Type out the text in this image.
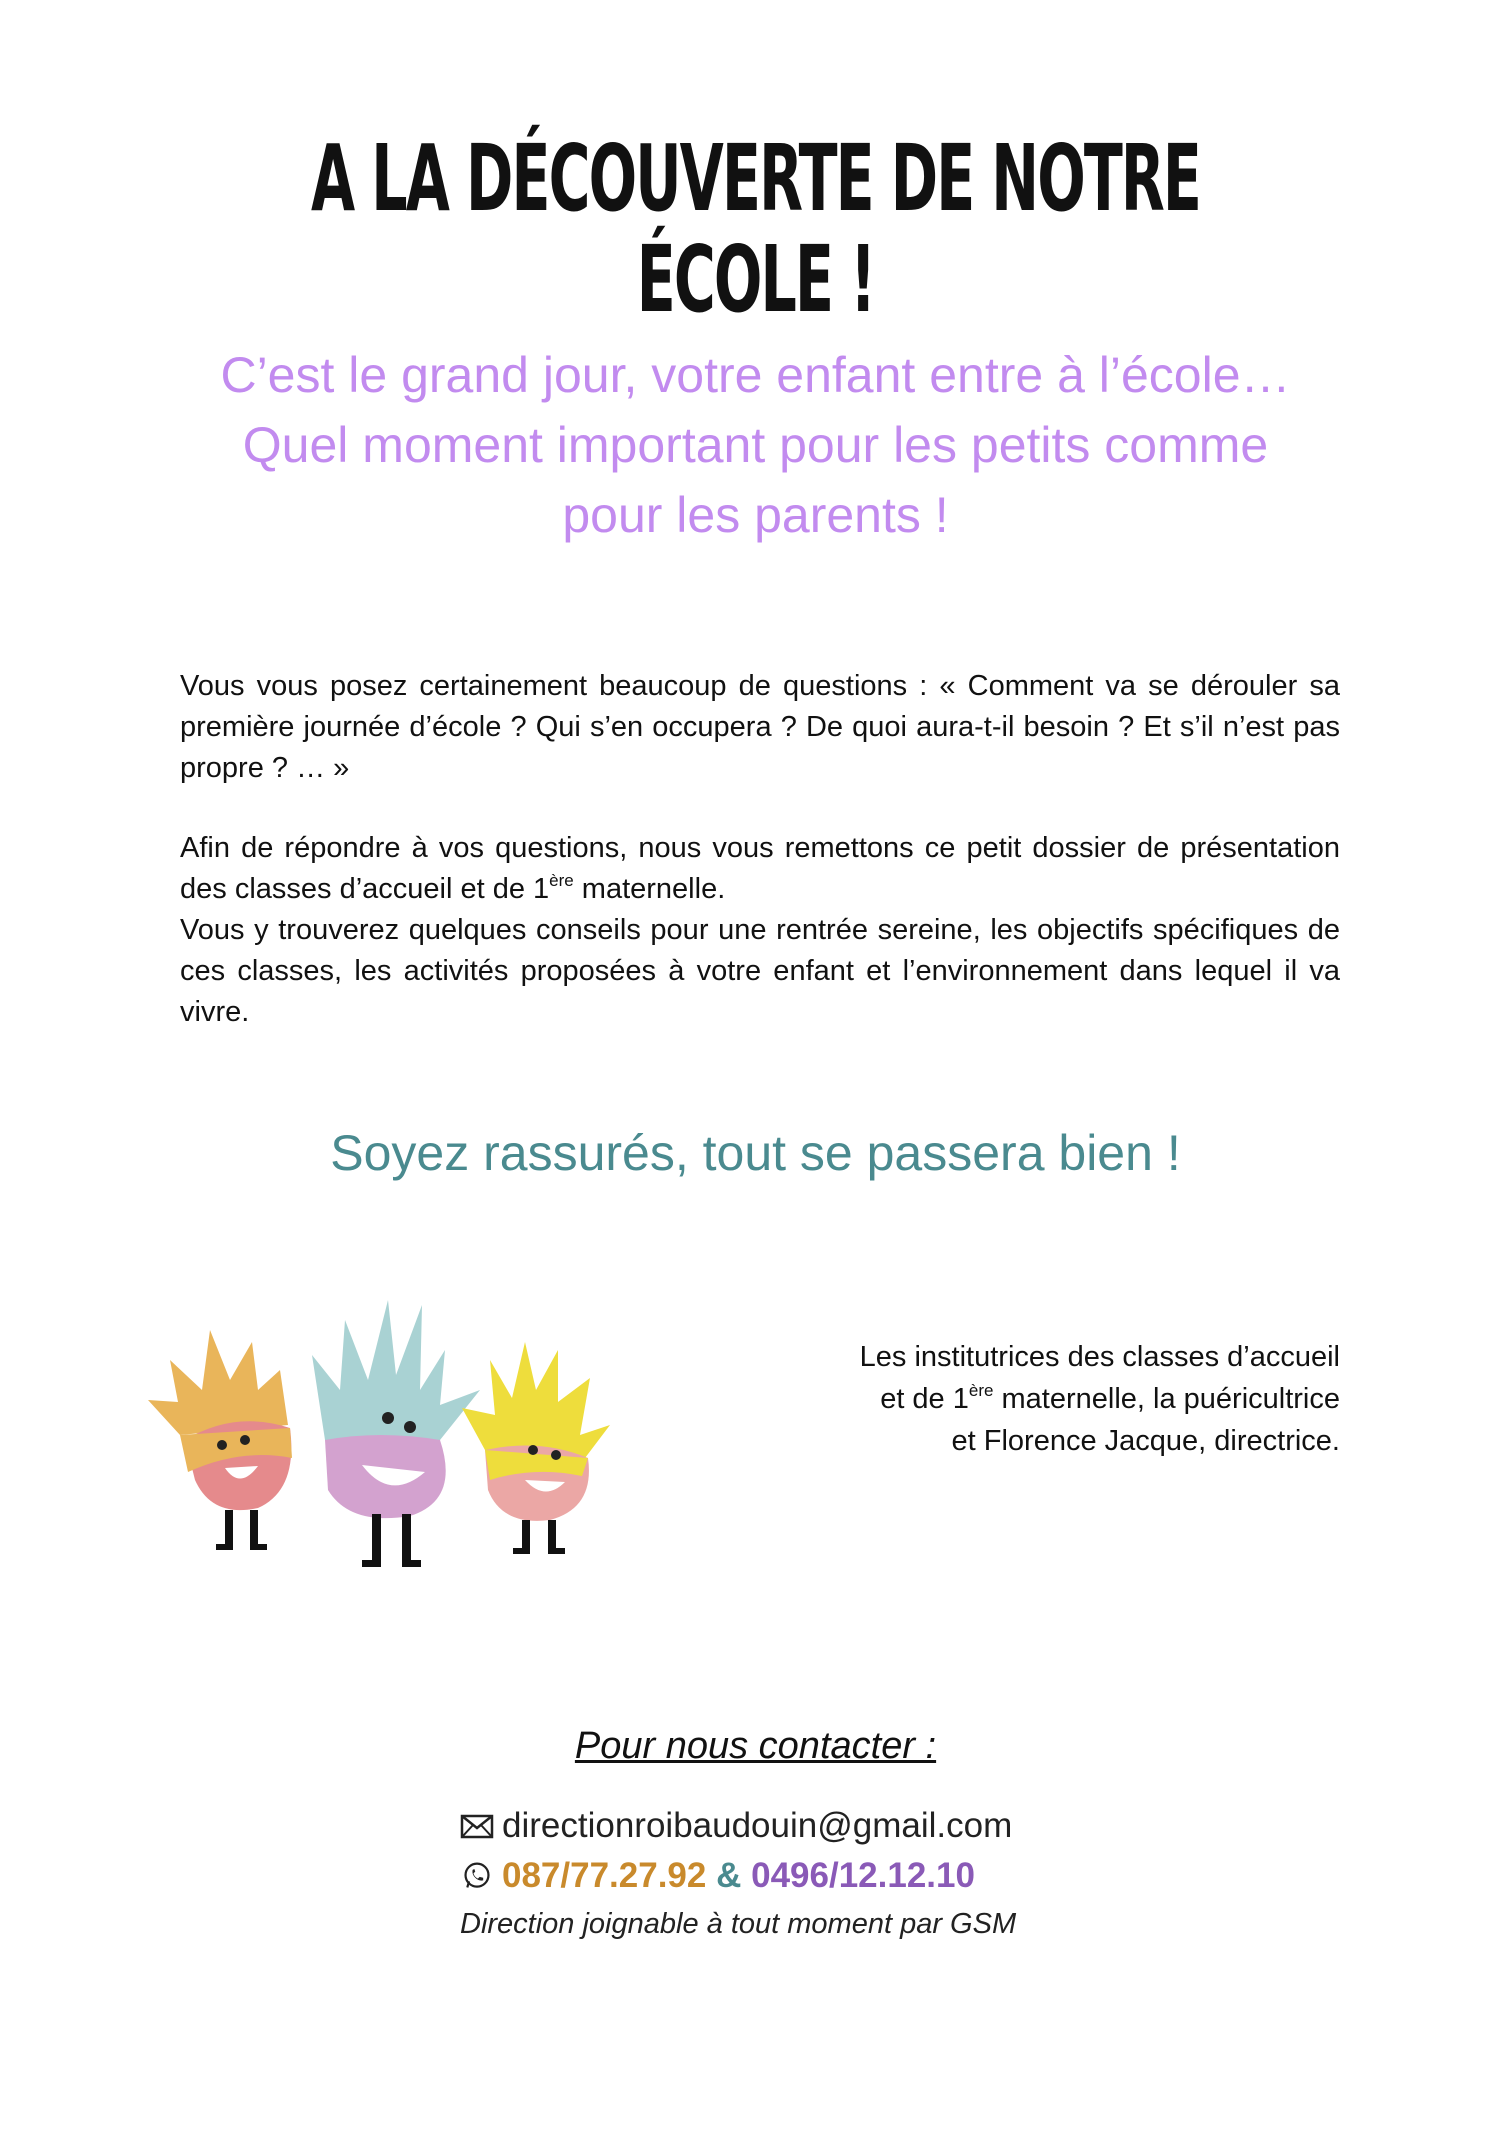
A LA DÉCOUVERTE DE NOTRE ÉCOLE !

C’est le grand jour, votre enfant entre à l’école…
Quel moment important pour les petits comme
pour les parents !

Vous vous posez certainement beaucoup de questions : « Comment va se dérouler sa première journée d’école ? Qui s’en occupera ? De quoi aura-t-il besoin ? Et s’il n’est pas propre ? … »

Afin de répondre à vos questions, nous vous remettons ce petit dossier de présentation des classes d’accueil et de 1ère maternelle.
Vous y trouverez quelques conseils pour une rentrée sereine, les objectifs spécifiques de ces classes, les activités proposées à votre enfant et l’environnement dans lequel il va vivre.

Soyez rassurés, tout se passera bien !

Les institutrices des classes d’accueil
et de 1ère maternelle, la puéricultrice
et Florence Jacque, directrice.

Pour nous contacter :

directionroibaudouin@gmail.com
087/77.27.92 & 0496/12.12.10
Direction joignable à tout moment par GSM
